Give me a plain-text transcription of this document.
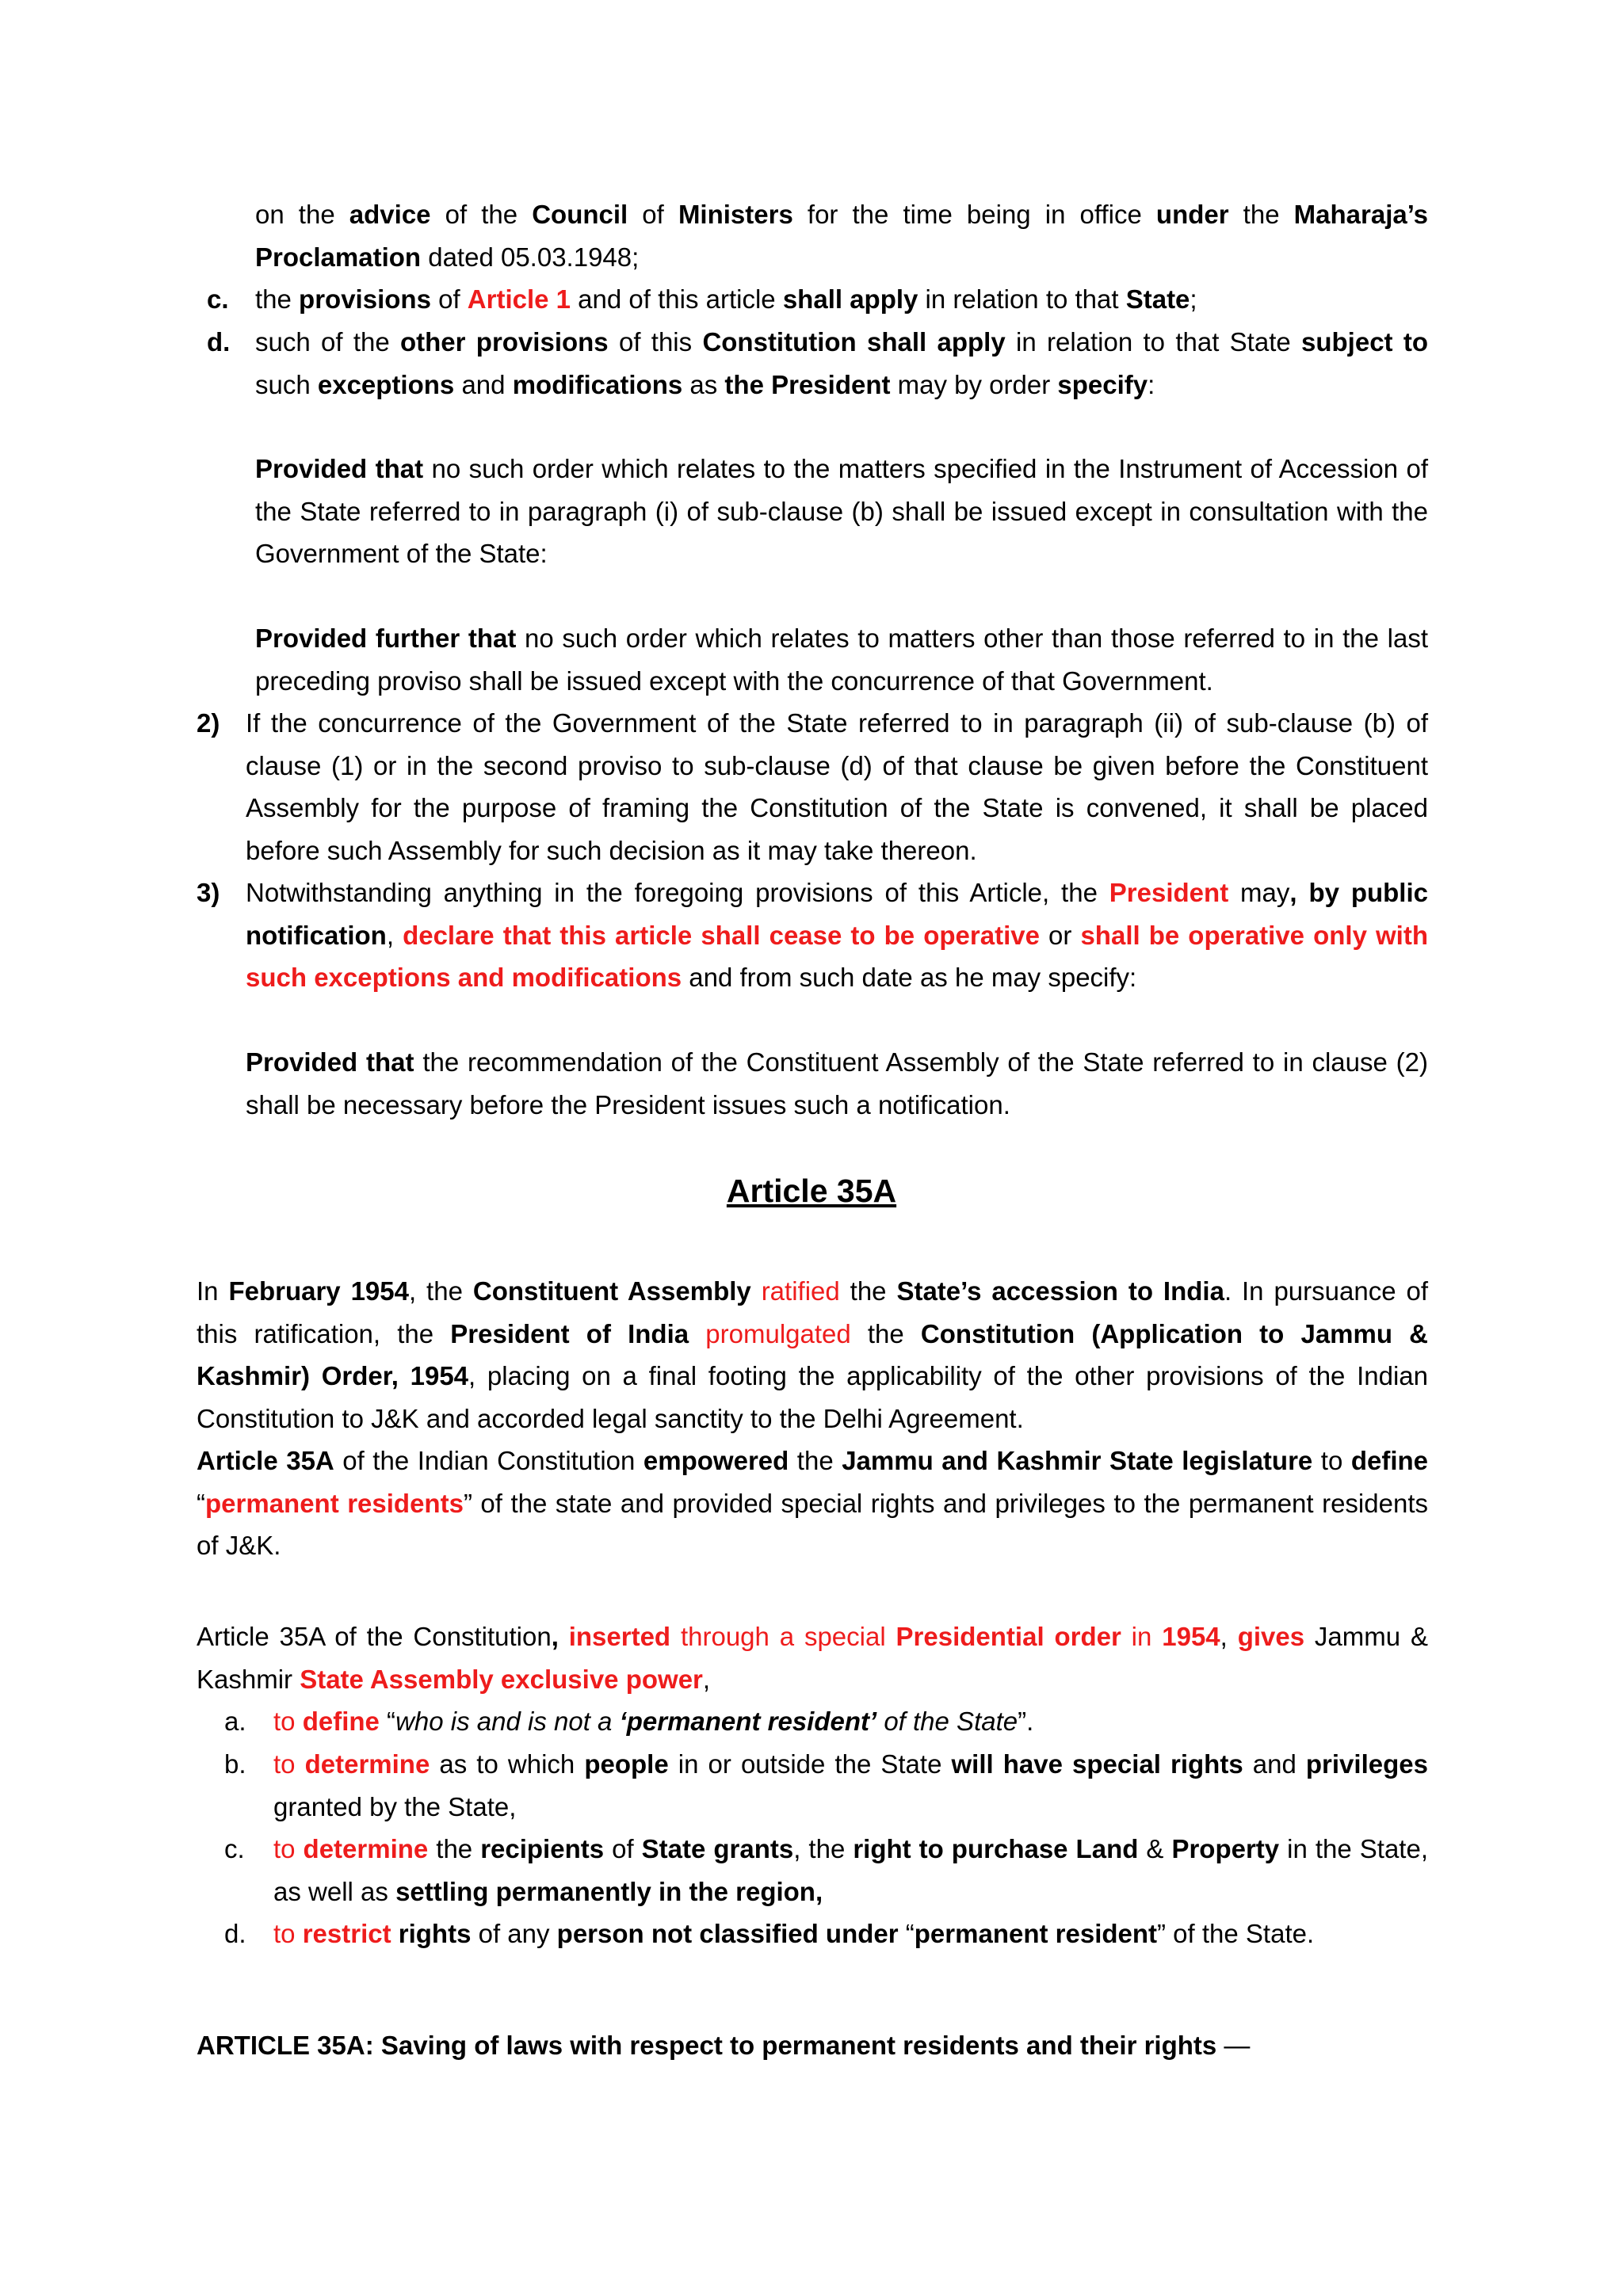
on the advice of the Council of Ministers for the time being in office under the Maharaja’s Proclamation dated 05.03.1948;
c. the provisions of Article 1 and of this article shall apply in relation to that State;
d. such of the other provisions of this Constitution shall apply in relation to that State subject to such exceptions and modifications as the President may by order specify:
Provided that no such order which relates to the matters specified in the Instrument of Accession of the State referred to in paragraph (i) of sub-clause (b) shall be issued except in consultation with the Government of the State:
Provided further that no such order which relates to matters other than those referred to in the last preceding proviso shall be issued except with the concurrence of that Government.
2) If the concurrence of the Government of the State referred to in paragraph (ii) of sub-clause (b) of clause (1) or in the second proviso to sub-clause (d) of that clause be given before the Constituent Assembly for the purpose of framing the Constitution of the State is convened, it shall be placed before such Assembly for such decision as it may take thereon.
3) Notwithstanding anything in the foregoing provisions of this Article, the President may, by public notification, declare that this article shall cease to be operative or shall be operative only with such exceptions and modifications and from such date as he may specify:
Provided that the recommendation of the Constituent Assembly of the State referred to in clause (2) shall be necessary before the President issues such a notification.
Article 35A
In February 1954, the Constituent Assembly ratified the State’s accession to India. In pursuance of this ratification, the President of India promulgated the Constitution (Application to Jammu & Kashmir) Order, 1954, placing on a final footing the applicability of the other provisions of the Indian Constitution to J&K and accorded legal sanctity to the Delhi Agreement.
Article 35A of the Indian Constitution empowered the Jammu and Kashmir State legislature to define “permanent residents” of the state and provided special rights and privileges to the permanent residents of J&K.
Article 35A of the Constitution, inserted through a special Presidential order in 1954, gives Jammu & Kashmir State Assembly exclusive power,
a. to define “who is and is not a ‘permanent resident’ of the State”.
b. to determine as to which people in or outside the State will have special rights and privileges granted by the State,
c. to determine the recipients of State grants, the right to purchase Land & Property in the State, as well as settling permanently in the region,
d. to restrict rights of any person not classified under “permanent resident” of the State.
ARTICLE 35A: Saving of laws with respect to permanent residents and their rights —
